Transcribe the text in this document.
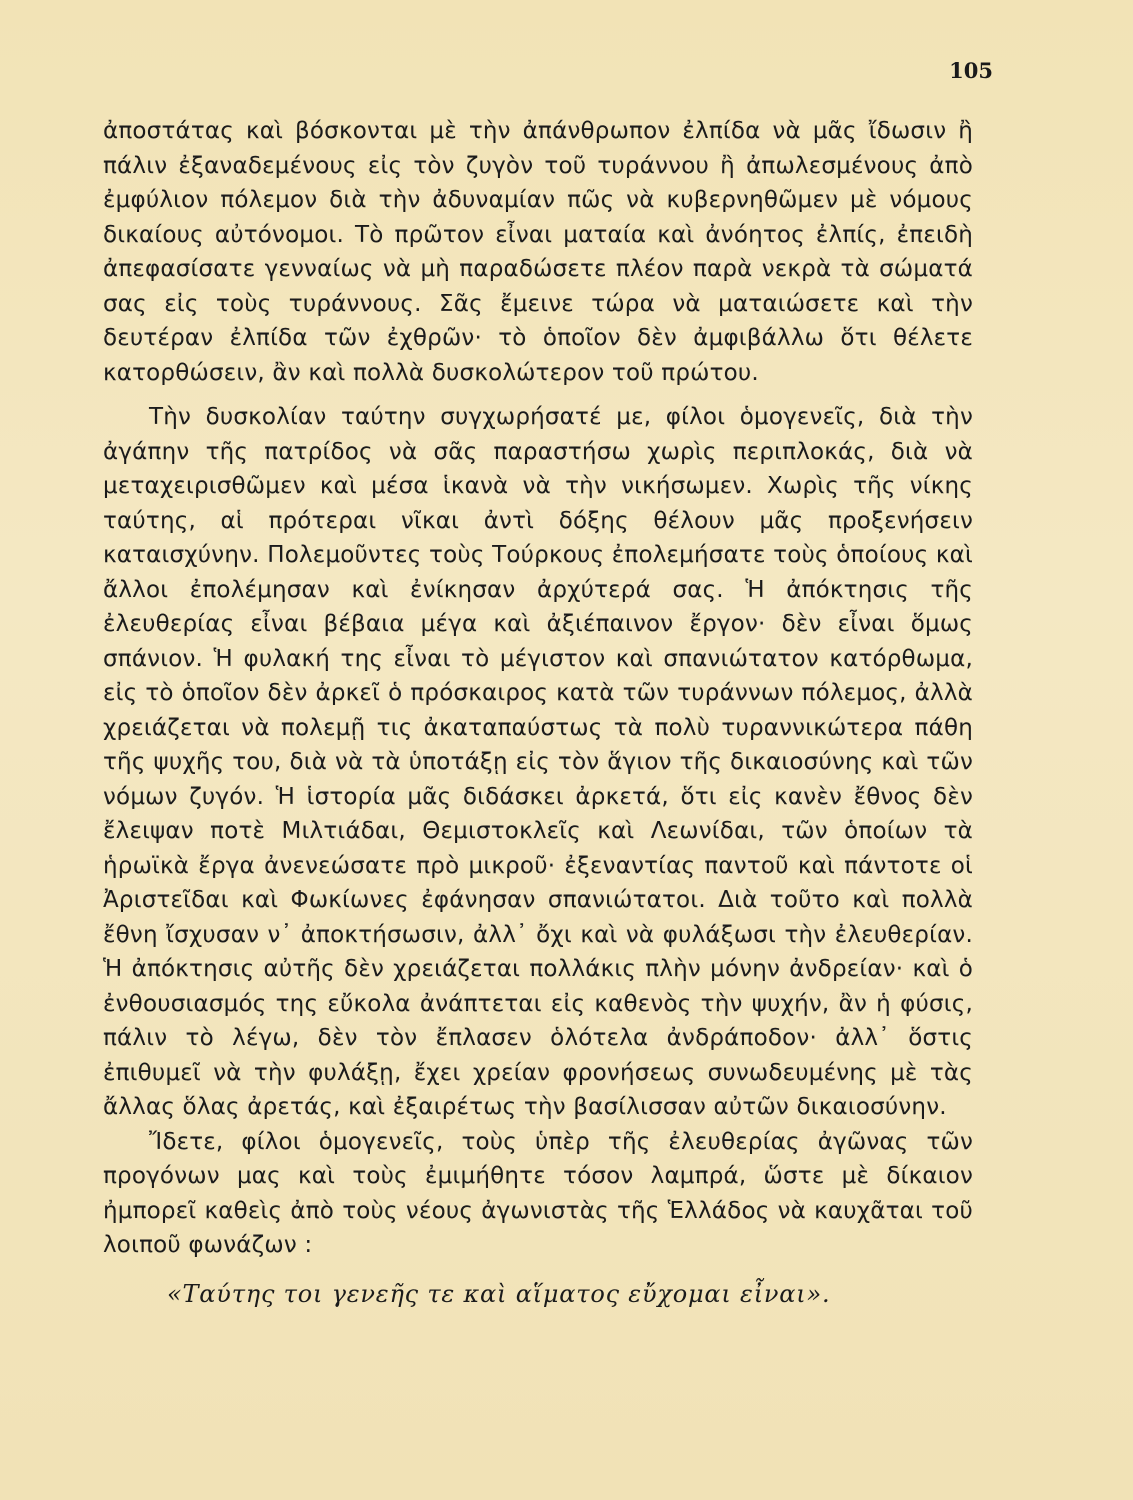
105

ἀποστάτας καὶ βόσκονται μὲ τὴν ἀπάνθρωπον ἐλπίδα νὰ μᾶς ἴδωσιν ἢ πάλιν ἐξαναδεμένους εἰς τὸν ζυγὸν τοῦ τυράννου ἢ ἀπωλεσμένους ἀπὸ ἐμφύλιον πόλεμον διὰ τὴν ἀδυναμίαν πῶς νὰ κυβερνηθῶμεν μὲ νόμους δικαίους αὐτόνομοι. Τὸ πρῶτον εἶναι ματαία καὶ ἀνόητος ἐλπίς, ἐπειδὴ ἀπεφασίσατε γενναίως νὰ μὴ παραδώσετε πλέον παρὰ νεκρὰ τὰ σώματά σας εἰς τοὺς τυράννους. Σᾶς ἔμεινε τώρα νὰ ματαιώσετε καὶ τὴν δευτέραν ἐλπίδα τῶν ἐχθρῶν· τὸ ὁποῖον δὲν ἀμφιβάλλω ὅτι θέλετε κατορθώσειν, ἂν καὶ πολλὰ δυσκολώτερον τοῦ πρώτου.

Τὴν δυσκολίαν ταύτην συγχωρήσατέ με, φίλοι ὁμογενεῖς, διὰ τὴν ἀγάπην τῆς πατρίδος νὰ σᾶς παραστήσω χωρὶς περιπλοκάς, διὰ νὰ μεταχειρισθῶμεν καὶ μέσα ἱκανὰ νὰ τὴν νικήσωμεν. Χωρὶς τῆς νίκης ταύτης, αἱ πρότεραι νῖκαι ἀντὶ δόξης θέλουν μᾶς προξενήσειν καταισχύνην. Πολεμοῦντες τοὺς Τούρκους ἐπολεμήσατε τοὺς ὁποίους καὶ ἄλλοι ἐπολέμησαν καὶ ἐνίκησαν ἀρχύτερά σας. Ἡ ἀπόκτησις τῆς ἐλευθερίας εἶναι βέβαια μέγα καὶ ἀξιέπαινον ἔργον· δὲν εἶναι ὅμως σπάνιον. Ἡ φυλακή της εἶναι τὸ μέγιστον καὶ σπανιώτατον κατόρθωμα, εἰς τὸ ὁποῖον δὲν ἀρκεῖ ὁ πρόσκαιρος κατὰ τῶν τυράννων πόλεμος, ἀλλὰ χρειάζεται νὰ πολεμῇ τις ἀκαταπαύστως τὰ πολὺ τυραννικώτερα πάθη τῆς ψυχῆς του, διὰ νὰ τὰ ὑποτάξῃ εἰς τὸν ἅγιον τῆς δικαιοσύνης καὶ τῶν νόμων ζυγόν. Ἡ ἱστορία μᾶς διδάσκει ἀρκετά, ὅτι εἰς κανὲν ἔθνος δὲν ἔλειψαν ποτὲ Μιλτιάδαι, Θεμιστοκλεῖς καὶ Λεωνίδαι, τῶν ὁποίων τὰ ἡρωϊκὰ ἔργα ἀνενεώσατε πρὸ μικροῦ· ἐξεναντίας παντοῦ καὶ πάντοτε οἱ Ἀριστεῖδαι καὶ Φωκίωνες ἐφάνησαν σπανιώτατοι. Διὰ τοῦτο καὶ πολλὰ ἔθνη ἴσχυσαν ν᾽ ἀποκτήσωσιν, ἀλλ᾽ ὄχι καὶ νὰ φυλάξωσι τὴν ἐλευθερίαν. Ἡ ἀπόκτησις αὐτῆς δὲν χρειάζεται πολλάκις πλὴν μόνην ἀνδρείαν· καὶ ὁ ἐνθουσιασμός της εὔκολα ἀνάπτεται εἰς καθενὸς τὴν ψυχήν, ἂν ἡ φύσις, πάλιν τὸ λέγω, δὲν τὸν ἔπλασεν ὁλότελα ἀνδράποδον· ἀλλ᾽ ὅστις ἐπιθυμεῖ νὰ τὴν φυλάξῃ, ἔχει χρείαν φρονήσεως συνωδευμένης μὲ τὰς ἄλλας ὅλας ἀρετάς, καὶ ἐξαιρέτως τὴν βασίλισσαν αὐτῶν δικαιοσύνην.

Ἴδετε, φίλοι ὁμογενεῖς, τοὺς ὑπὲρ τῆς ἐλευθερίας ἀγῶνας τῶν προγόνων μας καὶ τοὺς ἐμιμήθητε τόσον λαμπρά, ὥστε μὲ δίκαιον ἠμπορεῖ καθεὶς ἀπὸ τοὺς νέους ἀγωνιστὰς τῆς Ἑλλάδος νὰ καυχᾶται τοῦ λοιποῦ φωνάζων :

«Ταύτης τοι γενεῆς τε καὶ αἵματος εὔχομαι εἶναι».
